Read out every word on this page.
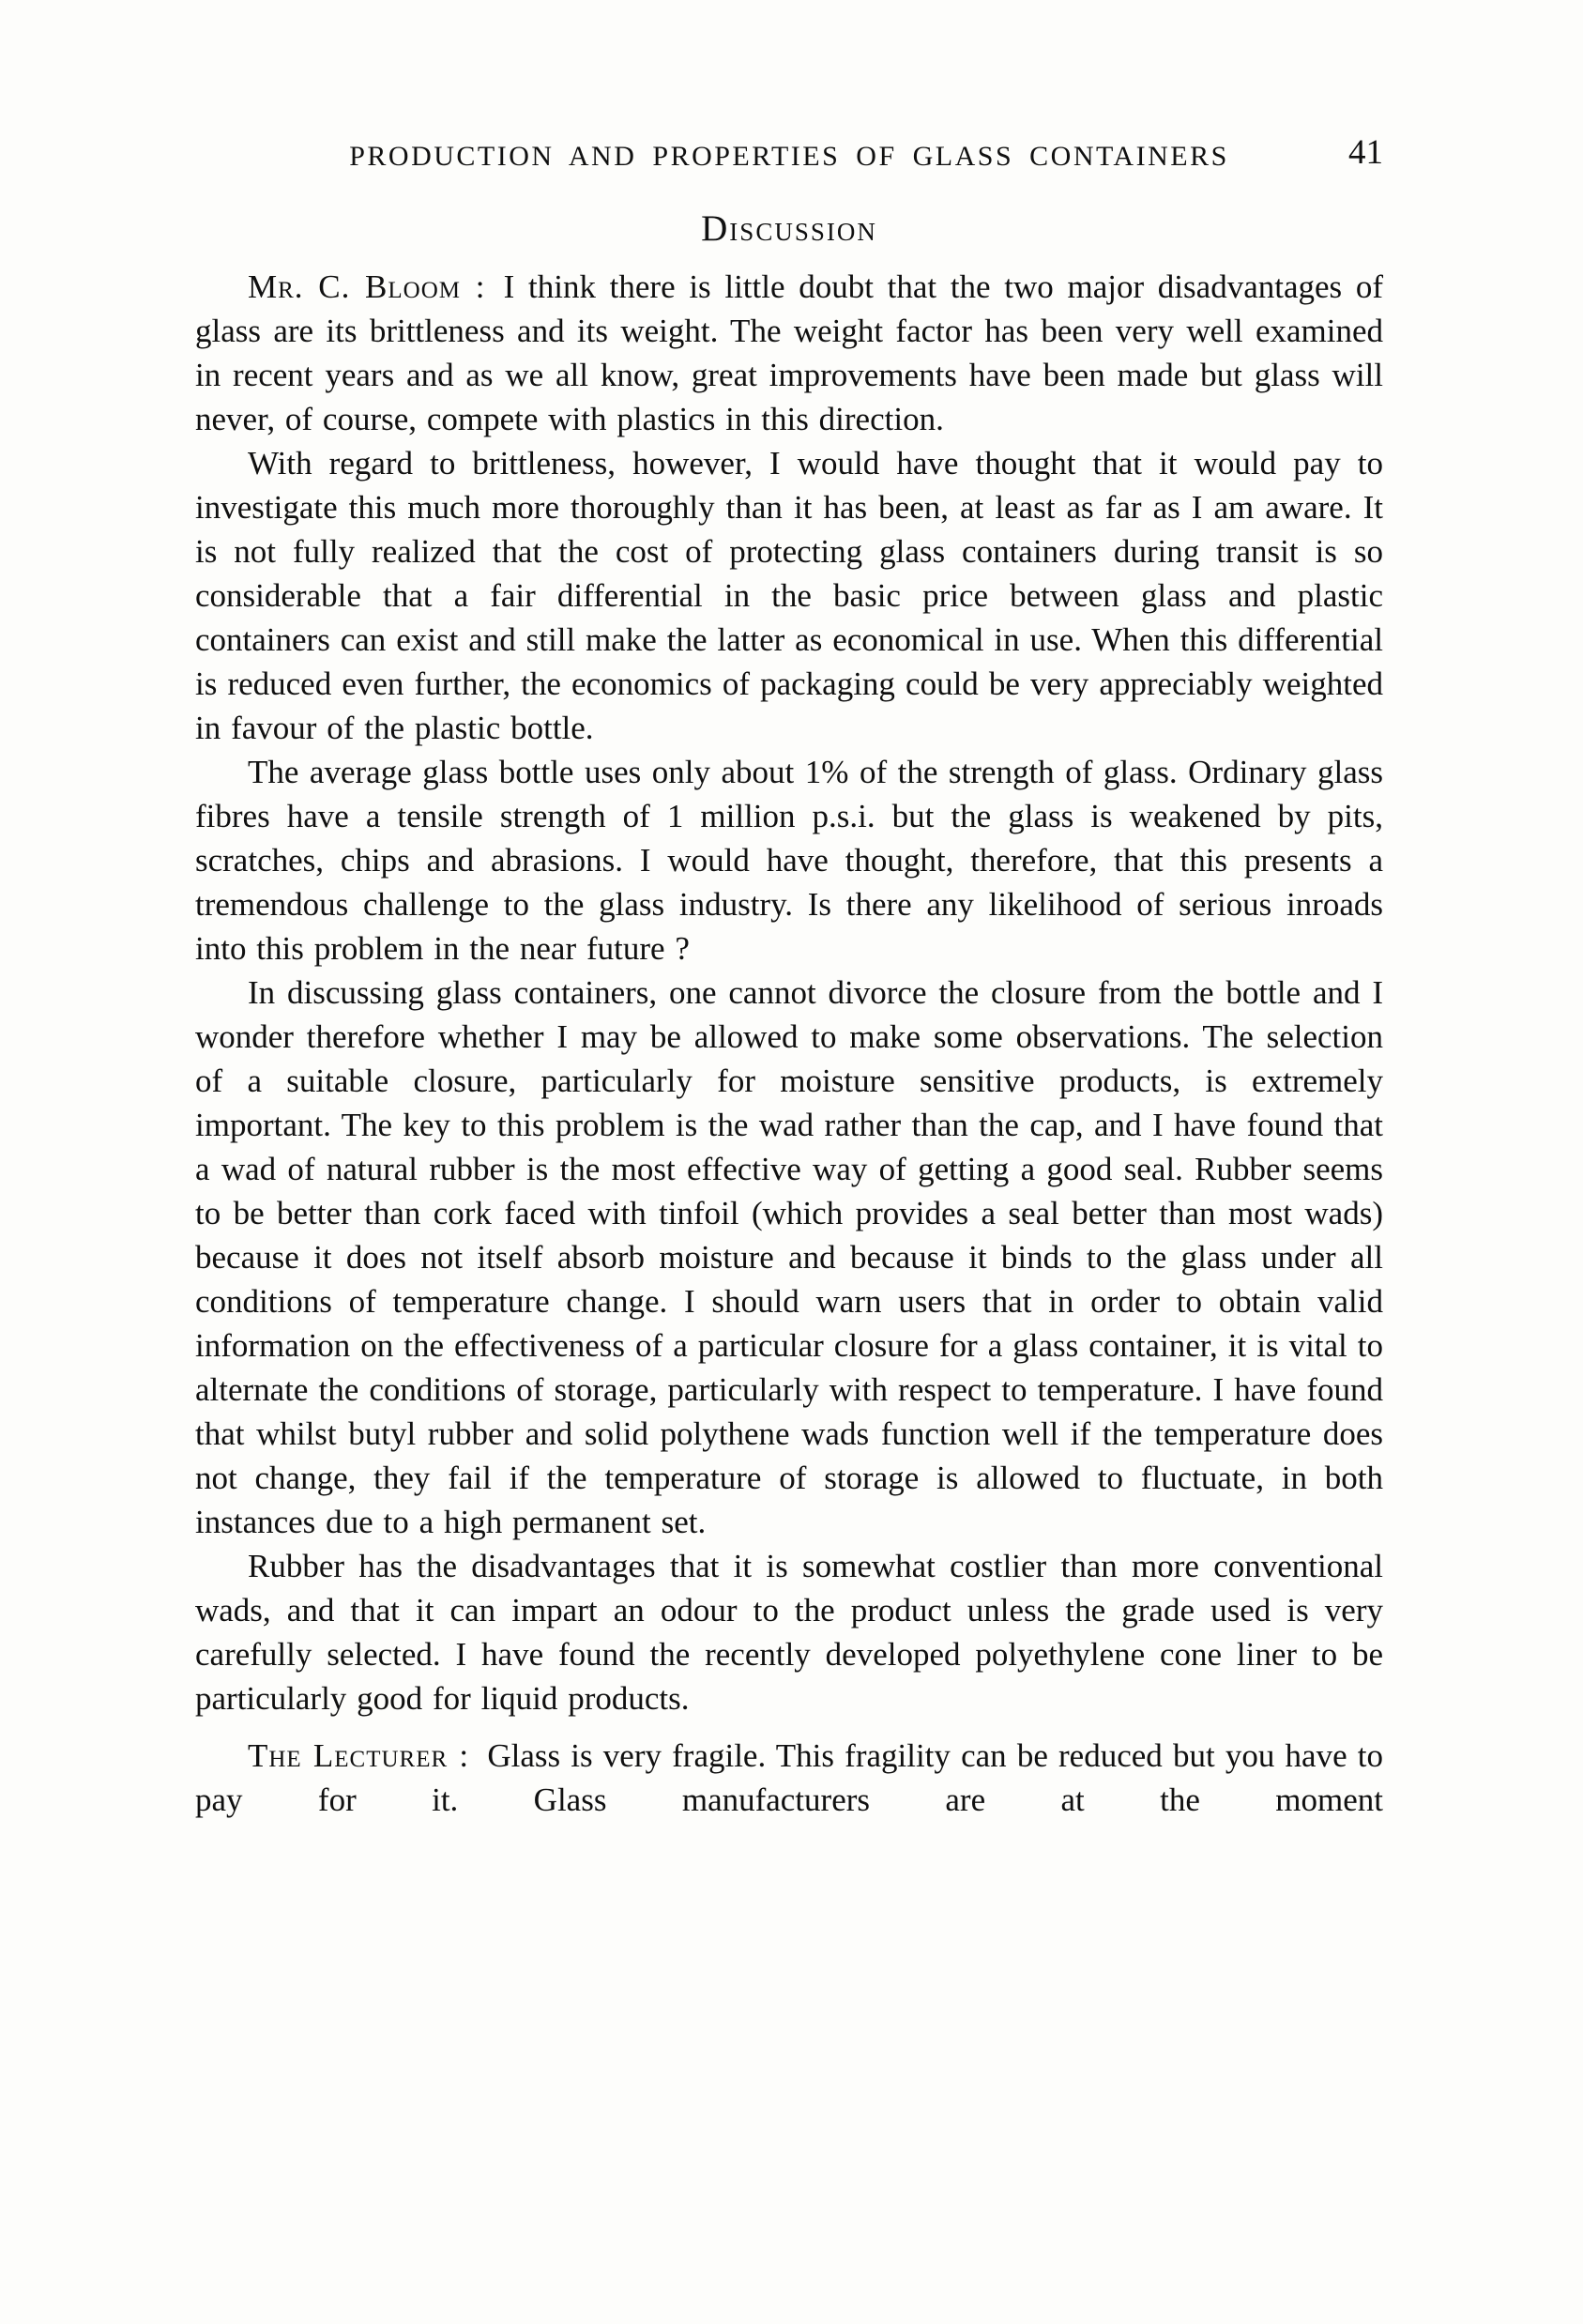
PRODUCTION AND PROPERTIES OF GLASS CONTAINERS	41
Discussion

Mr. C. Bloom : I think there is little doubt that the two major disadvantages of glass are its brittleness and its weight. The weight factor has been very well examined in recent years and as we all know, great improvements have been made but glass will never, of course, compete with plastics in this direction.

With regard to brittleness, however, I would have thought that it would pay to investigate this much more thoroughly than it has been, at least as far as I am aware. It is not fully realized that the cost of protecting glass containers during transit is so considerable that a fair differential in the basic price between glass and plastic containers can exist and still make the latter as economical in use. When this differential is reduced even further, the economics of packaging could be very appreciably weighted in favour of the plastic bottle.

The average glass bottle uses only about 1% of the strength of glass. Ordinary glass fibres have a tensile strength of 1 million p.s.i. but the glass is weakened by pits, scratches, chips and abrasions. I would have thought, therefore, that this presents a tremendous challenge to the glass industry. Is there any likelihood of serious inroads into this problem in the near future ?

In discussing glass containers, one cannot divorce the closure from the bottle and I wonder therefore whether I may be allowed to make some observations. The selection of a suitable closure, particularly for moisture sensitive products, is extremely important. The key to this problem is the wad rather than the cap, and I have found that a wad of natural rubber is the most effective way of getting a good seal. Rubber seems to be better than cork faced with tinfoil (which provides a seal better than most wads) because it does not itself absorb moisture and because it binds to the glass under all conditions of temperature change. I should warn users that in order to obtain valid information on the effectiveness of a particular closure for a glass container, it is vital to alternate the conditions of storage, particularly with respect to temperature. I have found that whilst butyl rubber and solid polythene wads function well if the temperature does not change, they fail if the temperature of storage is allowed to fluctuate, in both instances due to a high permanent set.

Rubber has the disadvantages that it is somewhat costlier than more conventional wads, and that it can impart an odour to the product unless the grade used is very carefully selected. I have found the recently developed polyethylene cone liner to be particularly good for liquid products.

The Lecturer : Glass is very fragile. This fragility can be reduced but you have to pay for it. Glass manufacturers are at the moment
